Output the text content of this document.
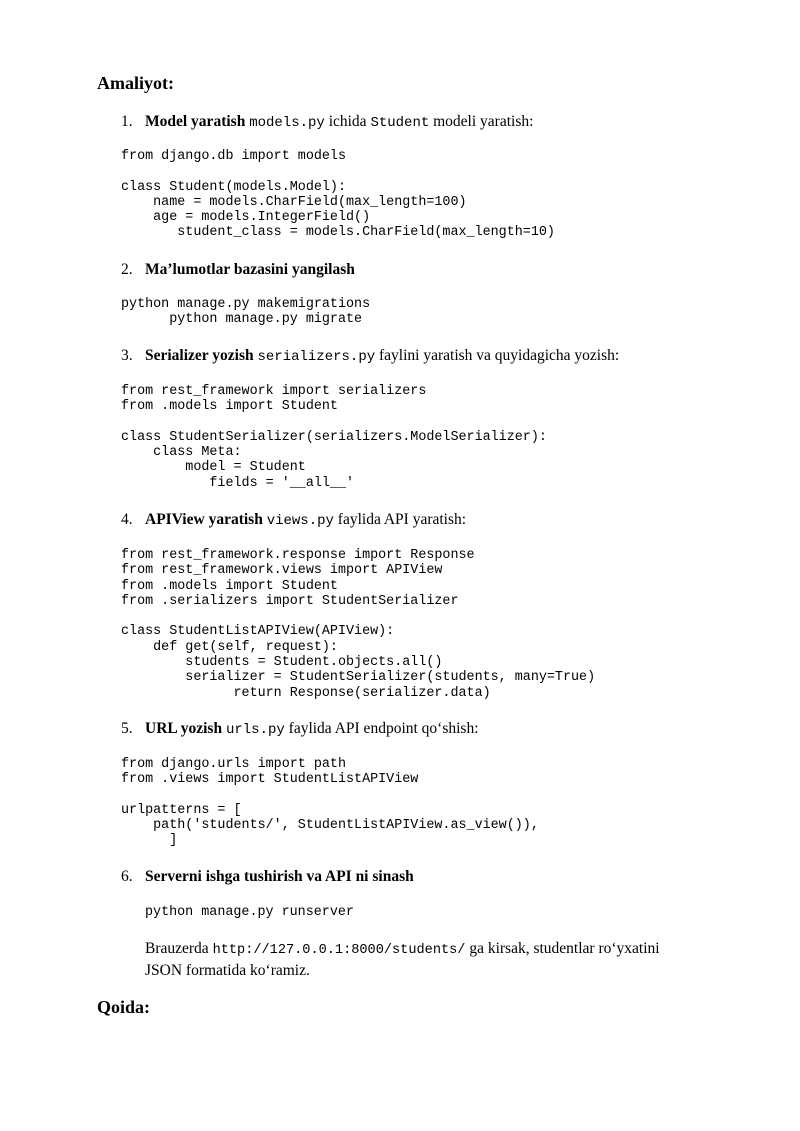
Amaliyot:
1. Model yaratish models.py ichida Student modeli yaratish:
from django.db import models
class Student(models.Model):
name = models.CharField(max_length=100)
age = models.IntegerField()
student_class = models.CharField(max_length=10)
2. Ma’lumotlar bazasini yangilash
python manage.py makemigrations
python manage.py migrate
3. Serializer yozish serializers.py faylini yaratish va quyidagicha yozish:
from rest_framework import serializers
from .models import Student
class StudentSerializer(serializers.ModelSerializer):
class Meta:
model = Student
fields = '__all__'
4. APIView yaratish views.py faylida API yaratish:
from rest_framework.response import Response
from rest_framework.views import APIView
from .models import Student
from .serializers import StudentSerializer
class StudentListAPIView(APIView):
def get(self, request):
students = Student.objects.all()
serializer = StudentSerializer(students, many=True)
return Response(serializer.data)
5. URL yozish urls.py faylida API endpoint qo‘shish:
from django.urls import path
from .views import StudentListAPIView
urlpatterns = [
path('students/', StudentListAPIView.as_view()),
]
6. Serverni ishga tushirish va API ni sinash
python manage.py runserver
Brauzerda http://127.0.0.1:8000/students/ ga kirsak, studentlar ro‘yxatini JSON formatida ko‘ramiz.
Qoida:
